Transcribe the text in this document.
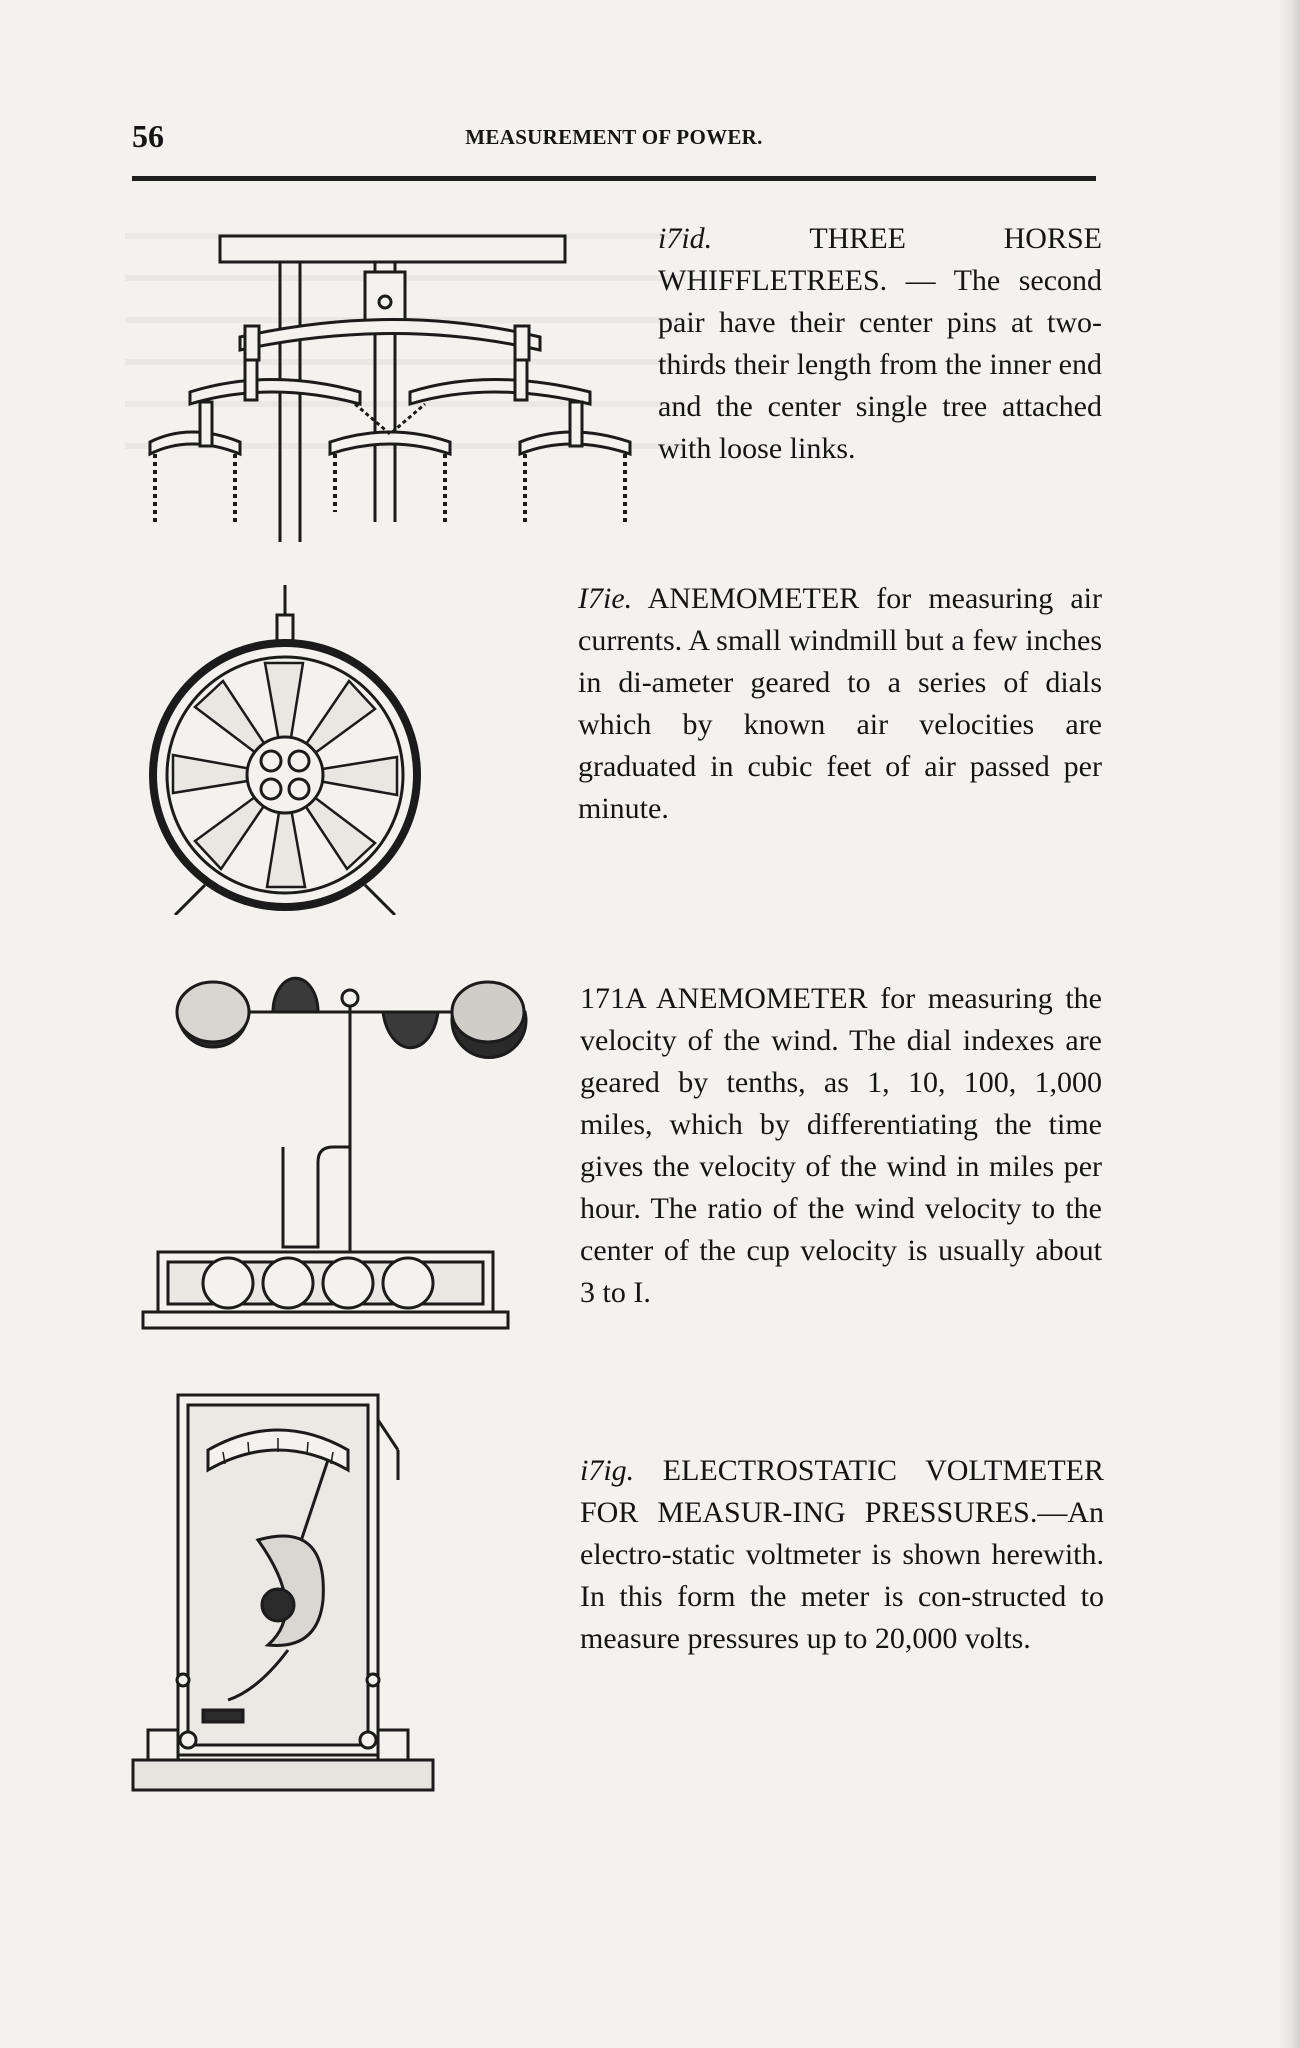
56	MEASUREMENT OF POWER.

i7id.	THREE HORSE WHIFFLETREES. — The second pair have their center pins at two-thirds their length from the inner end and the center single tree attached with loose links.

I7ie. ANEMOMETER for measuring air currents. A small windmill but a few inches in di-ameter geared to a series of dials which by known air velocities are graduated in cubic feet of air passed per minute.

171A ANEMOMETER for measuring the velocity of the wind. The dial indexes are geared by tenths, as 1, 10, 100, 1,000 miles, which by differentiating the time gives the velocity of the wind in miles per hour. The ratio of the wind velocity to the center of the cup velocity is usually about 3 to I.

i7ig. ELECTROSTATIC VOLTMETER FOR MEASUR-ING PRESSURES.—An electro-static voltmeter is shown herewith. In this form the meter is con-structed to measure pressures up to 20,000 volts.
